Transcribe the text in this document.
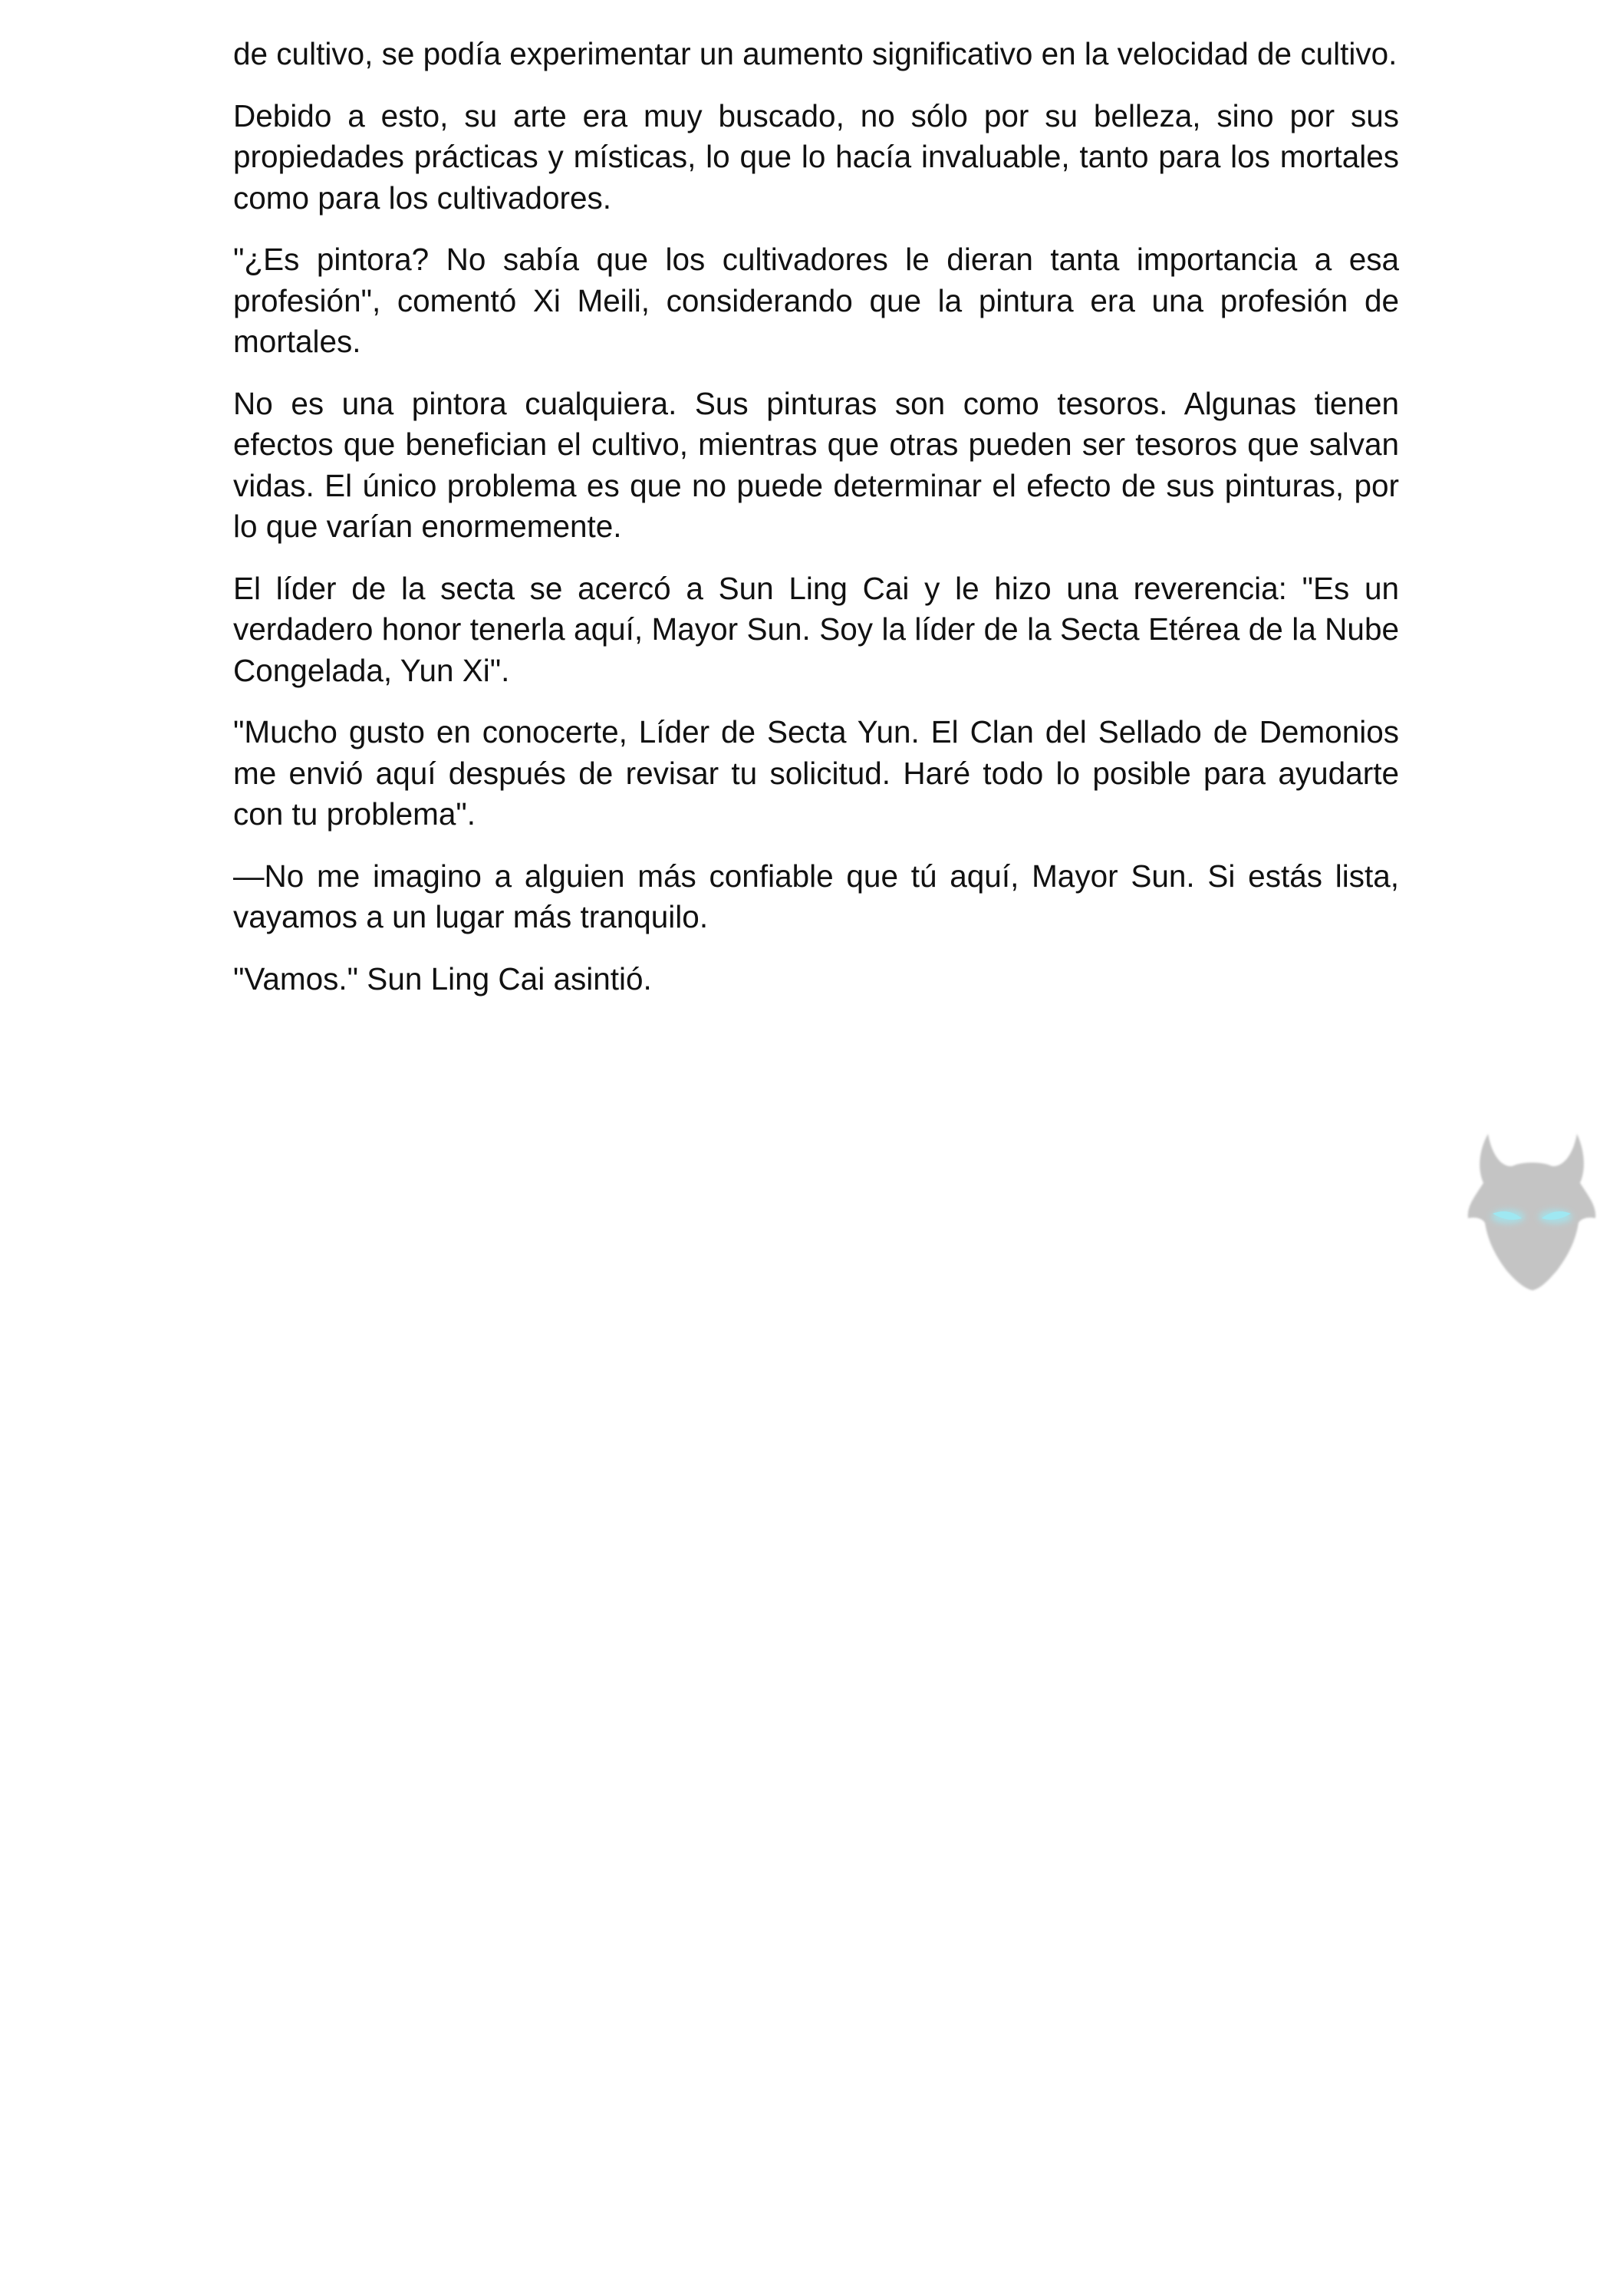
de cultivo, se podía experimentar un aumento significativo en la velocidad de cultivo.

Debido a esto, su arte era muy buscado, no sólo por su belleza, sino por sus propiedades prácticas y místicas, lo que lo hacía invaluable, tanto para los mortales como para los cultivadores.

"¿Es pintora? No sabía que los cultivadores le dieran tanta importancia a esa profesión", comentó Xi Meili, considerando que la pintura era una profesión de mortales.

No es una pintora cualquiera. Sus pinturas son como tesoros. Algunas tienen efectos que benefician el cultivo, mientras que otras pueden ser tesoros que salvan vidas. El único problema es que no puede determinar el efecto de sus pinturas, por lo que varían enormemente.

El líder de la secta se acercó a Sun Ling Cai y le hizo una reverencia: "Es un verdadero honor tenerla aquí, Mayor Sun. Soy la líder de la Secta Etérea de la Nube Congelada, Yun Xi".

"Mucho gusto en conocerte, Líder de Secta Yun. El Clan del Sellado de Demonios me envió aquí después de revisar tu solicitud. Haré todo lo posible para ayudarte con tu problema".

—No me imagino a alguien más confiable que tú aquí, Mayor Sun. Si estás lista, vayamos a un lugar más tranquilo.

"Vamos." Sun Ling Cai asintió.
